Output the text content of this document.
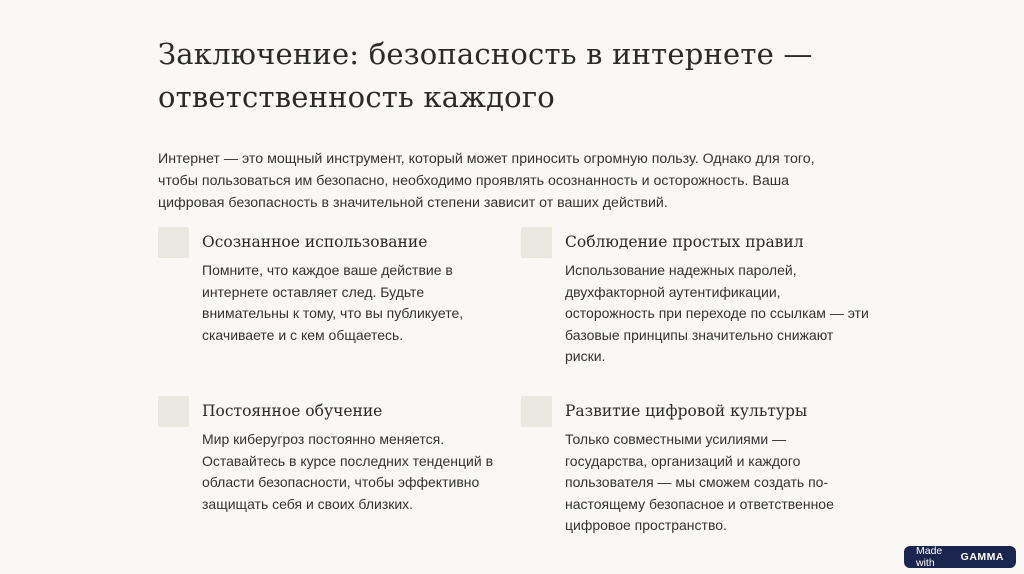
Заключение: безопасность в интернете — ответственность каждого

Интернет — это мощный инструмент, который может приносить огромную пользу. Однако для того, чтобы пользоваться им безопасно, необходимо проявлять осознанность и осторожность. Ваша цифровая безопасность в значительной степени зависит от ваших действий.

Осознанное использование

Помните, что каждое ваше действие в интернете оставляет след. Будьте внимательны к тому, что вы публикуете, скачиваете и с кем общаетесь.

Соблюдение простых правил

Использование надежных паролей, двухфакторной аутентификации, осторожность при переходе по ссылкам — эти базовые принципы значительно снижают риски.

Постоянное обучение

Мир киберугроз постоянно меняется. Оставайтесь в курсе последних тенденций в области безопасности, чтобы эффективно защищать себя и своих близких.

Развитие цифровой культуры

Только совместными усилиями — государства, организаций и каждого пользователя — мы сможем создать по-настоящему безопасное и ответственное цифровое пространство.

Made with	GAMMA
